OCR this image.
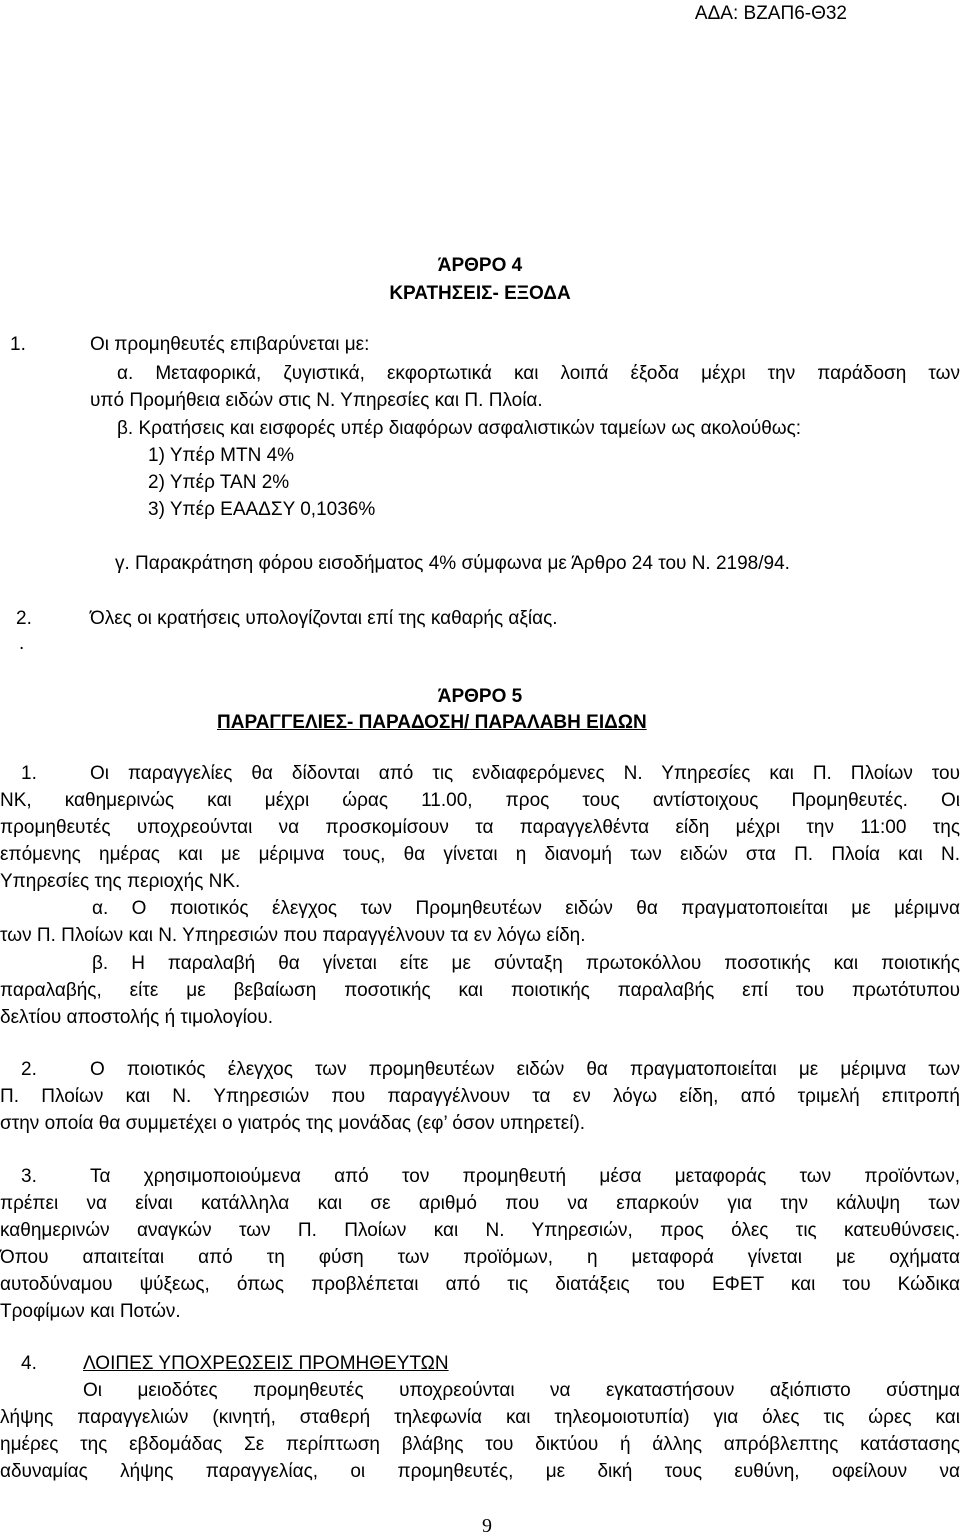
ΑΔΑ: ΒΖΑΠ6-Θ32
ΆΡΘΡΟ 4
ΚΡΑΤΗΣΕΙΣ- ΕΞΟΔΑ
1.	Οι προμηθευτές επιβαρύνεται με:
α. Μεταφορικά, ζυγιστικά, εκφορτωτικά και λοιπά έξοδα μέχρι την παράδοση των
υπό Προμήθεια ειδών στις Ν. Υπηρεσίες και Π. Πλοία.
β. Κρατήσεις και εισφορές υπέρ διαφόρων ασφαλιστικών ταμείων ως ακολούθως:
1) Υπέρ ΜΤΝ 4%
2) Υπέρ ΤΑΝ 2%
3) Υπέρ ΕΑΑΔΣΥ 0,1036%
γ. Παρακράτηση φόρου εισοδήματος 4% σύμφωνα με Άρθρο 24 του Ν. 2198/94.
2.	Όλες οι κρατήσεις υπολογίζονται επί της καθαρής αξίας.
.
ΆΡΘΡΟ 5
ΠΑΡΑΓΓΕΛΙΕΣ- ΠΑΡΑΔΟΣΗ/ ΠΑΡΑΛΑΒΗ ΕΙΔΩΝ
1.	Οι παραγγελίες θα δίδονται από τις ενδιαφερόμενες Ν. Υπηρεσίες και Π. Πλοίων του
ΝΚ, καθημερινώς και μέχρι ώρας 11.00, προς τους αντίστοιχους Προμηθευτές. Οι
προμηθευτές υποχρεούνται να προσκομίσουν τα παραγγελθέντα είδη μέχρι την 11:00 της
επόμενης ημέρας και με μέριμνα τους, θα γίνεται η διανομή των ειδών στα Π. Πλοία και Ν.
Υπηρεσίες της περιοχής ΝΚ.
α. Ο ποιοτικός έλεγχος των Προμηθευτέων ειδών θα πραγματοποιείται με μέριμνα
των Π. Πλοίων και Ν. Υπηρεσιών που παραγγέλνουν τα εν λόγω είδη.
β. Η παραλαβή θα γίνεται είτε με σύνταξη πρωτοκόλλου ποσοτικής και ποιοτικής
παραλαβής, είτε με βεβαίωση ποσοτικής και ποιοτικής παραλαβής επί του πρωτότυπου
δελτίου αποστολής ή τιμολογίου.
2.	Ο ποιοτικός έλεγχος των προμηθευτέων ειδών θα πραγματοποιείται με μέριμνα των
Π. Πλοίων και Ν. Υπηρεσιών που παραγγέλνουν τα εν λόγω είδη, από τριμελή επιτροπή
στην οποία θα συμμετέχει ο γιατρός της μονάδας (εφ’ όσον υπηρετεί).
3.	Τα χρησιμοποιούμενα από τον προμηθευτή μέσα μεταφοράς των προϊόντων,
πρέπει να είναι κατάλληλα και σε αριθμό που να επαρκούν για την κάλυψη των
καθημερινών αναγκών των Π. Πλοίων και Ν. Υπηρεσιών, προς όλες τις κατευθύνσεις.
Όπου απαιτείται από τη φύση των προϊόμων, η μεταφορά γίνεται με οχήματα
αυτοδύναμου ψύξεως, όπως προβλέπεται από τις διατάξεις του ΕΦΕΤ και του Κώδικα
Τροφίμων και Ποτών.
4. ΛΟΙΠΕΣ ΥΠΟΧΡΕΩΣΕΙΣ ΠΡΟΜΗΘΕΥΤΩΝ
Οι μειοδότες προμηθευτές υποχρεούνται να εγκαταστήσουν αξιόπιστο σύστημα
λήψης παραγγελιών (κινητή, σταθερή τηλεφωνία και τηλεομοιοτυπία) για όλες τις ώρες και
ημέρες της εβδομάδας Σε περίπτωση βλάβης του δικτύου ή άλλης απρόβλεπτης κατάστασης
αδυναμίας λήψης παραγγελίας, οι προμηθευτές, με δική τους ευθύνη, οφείλουν να
9
